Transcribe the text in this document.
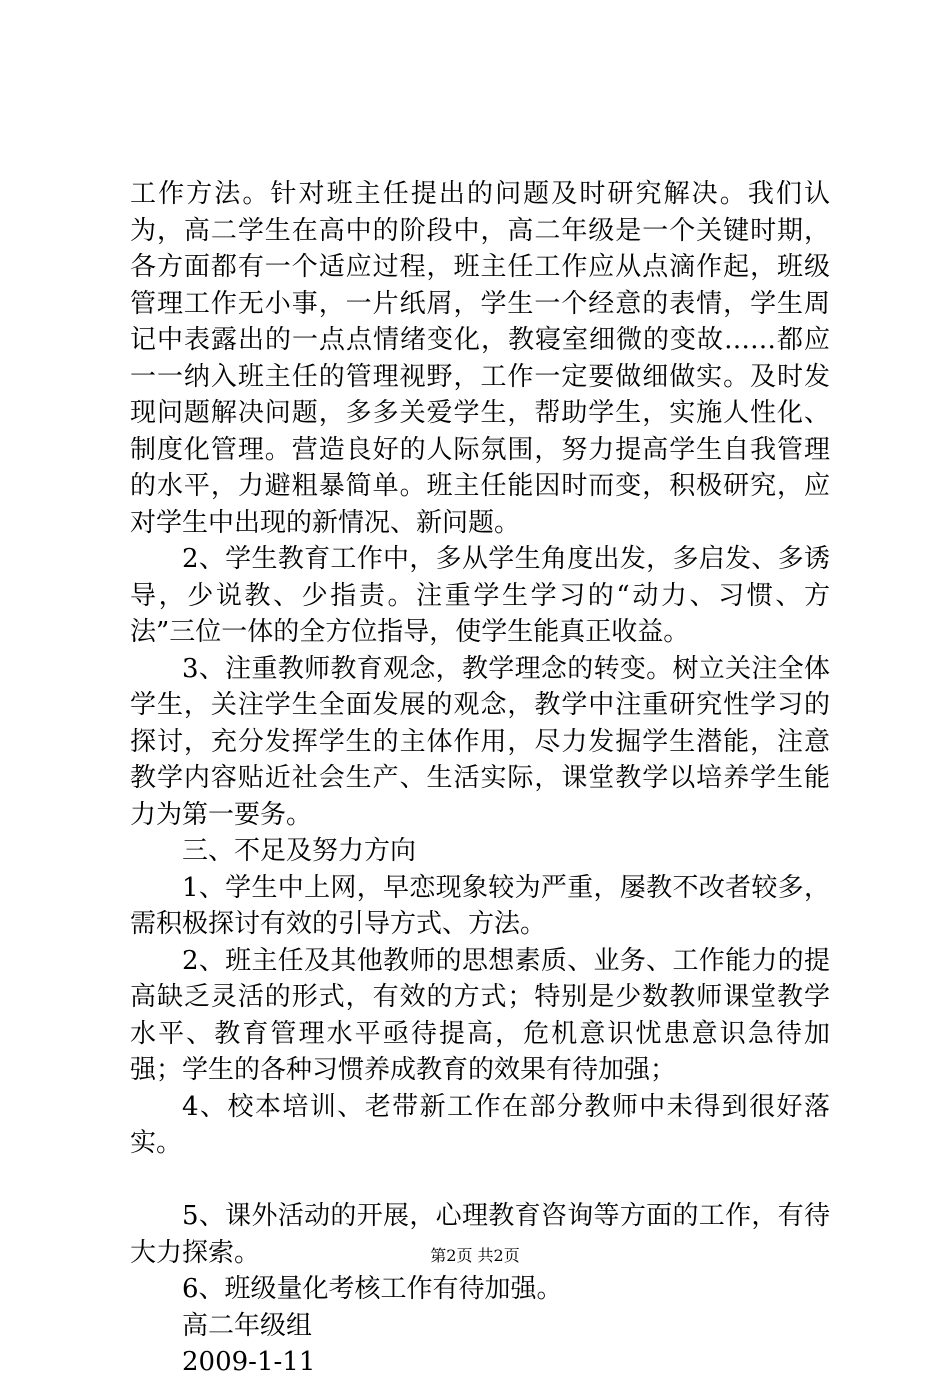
工作方法。针对班主任提出的问题及时研究解决。我们认为，高二学生在高中的阶段中，高二年级是一个关键时期，各方面都有一个适应过程，班主任工作应从点滴作起，班级管理工作无小事，一片纸屑，学生一个经意的表情，学生周记中表露出的一点点情绪变化，教寝室细微的变故……都应一一纳入班主任的管理视野，工作一定要做细做实。及时发现问题解决问题，多多关爱学生，帮助学生，实施人性化、制度化管理。营造良好的人际氛围，努力提高学生自我管理的水平，力避粗暴简单。班主任能因时而变，积极研究，应对学生中出现的新情况、新问题。

2、学生教育工作中，多从学生角度出发，多启发、多诱导，少说教、少指责。注重学生学习的“动力、习惯、方法”三位一体的全方位指导，使学生能真正收益。

3、注重教师教育观念，教学理念的转变。树立关注全体学生，关注学生全面发展的观念，教学中注重研究性学习的探讨，充分发挥学生的主体作用，尽力发掘学生潜能，注意教学内容贴近社会生产、生活实际，课堂教学以培养学生能力为第一要务。

三、不足及努力方向

1、学生中上网，早恋现象较为严重，屡教不改者较多，需积极探讨有效的引导方式、方法。

2、班主任及其他教师的思想素质、业务、工作能力的提高缺乏灵活的形式，有效的方式；特别是少数教师课堂教学水平、教育管理水平亟待提高，危机意识忧患意识急待加强；学生的各种习惯养成教育的效果有待加强；

4、校本培训、老带新工作在部分教师中未得到很好落实。

5、课外活动的开展，心理教育咨询等方面的工作，有待大力探索。

6、班级量化考核工作有待加强。

高二年级组

2009-1-11

第2页 共2页
